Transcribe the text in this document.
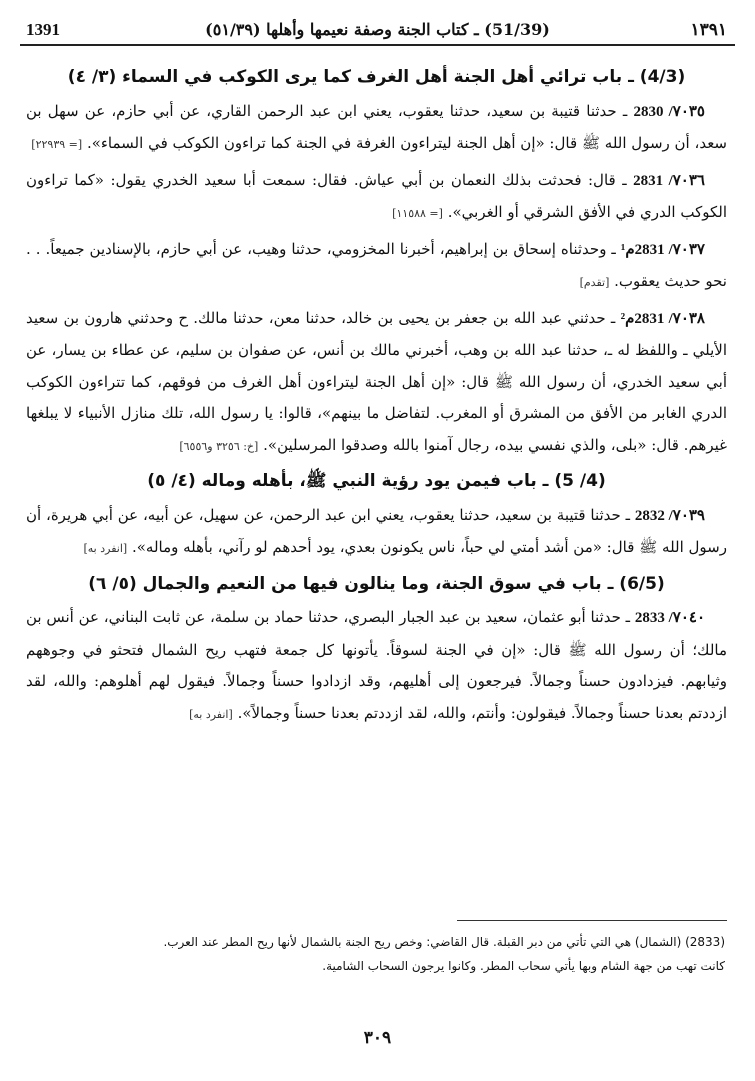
1391	(51/39) ـ كتاب الجنة وصفة نعيمها وأهلها (٥١/٣٩)	١٣٩١
(4/3) ـ باب ترائي أهل الجنة أهل الغرف كما يرى الكوكب في السماء (٣/ ٤)

٧٠٣٥/ 2830 ـ حدثنا قتيبة بن سعيد، حدثنا يعقوب، يعني ابن عبد الرحمن القاري، عن أبي حازم، عن سهل بن سعد، أن رسول الله ﷺ قال: «إن أهل الجنة ليتراءون الغرفة في الجنة كما تراءون الكوكب في السماء». [= ٢٢٩٣٩]

٧٠٣٦/ 2831 ـ قال: فحدثت بذلك النعمان بن أبي عياش. فقال: سمعت أبا سعيد الخدري يقول: «كما تراءون الكوكب الدري في الأفق الشرقي أو الغربي». [= ١١٥٨٨]

٧٠٣٧/ 2831م¹ ـ وحدثناه إسحاق بن إبراهيم، أخبرنا المخزومي، حدثنا وهيب، عن أبي حازم، بالإسنادين جميعاً. . . نحو حديث يعقوب. [تقدم]

٧٠٣٨/ 2831م² ـ حدثني عبد الله بن جعفر بن يحيى بن خالد، حدثنا معن، حدثنا مالك. ح وحدثني هارون بن سعيد الأيلي ـ واللفظ له ـ، حدثنا عبد الله بن وهب، أخبرني مالك بن أنس، عن صفوان بن سليم، عن عطاء بن يسار، عن أبي سعيد الخدري، أن رسول الله ﷺ قال: «إن أهل الجنة ليتراءون أهل الغرف من فوقهم، كما تتراءون الكوكب الدري الغابر من الأفق من المشرق أو المغرب. لتفاضل ما بينهم»، قالوا: يا رسول الله، تلك منازل الأنبياء لا يبلغها غيرهم. قال: «بلى، والذي نفسي بيده، رجال آمنوا بالله وصدقوا المرسلين». [خ: ٣٢٥٦ و٦٥٥٦]

(4/ 5) ـ باب فيمن يود رؤية النبي ﷺ، بأهله وماله (٤/ ٥)

٧٠٣٩/ 2832 ـ حدثنا قتيبة بن سعيد، حدثنا يعقوب، يعني ابن عبد الرحمن، عن سهيل، عن أبيه، عن أبي هريرة، أن رسول الله ﷺ قال: «من أشد أمتي لي حباً، ناس يكونون بعدي، يود أحدهم لو رآني، بأهله وماله». [انفرد به]

(6/5) ـ باب في سوق الجنة، وما ينالون فيها من النعيم والجمال (٥/ ٦)

٧٠٤٠/ 2833 ـ حدثنا أبو عثمان، سعيد بن عبد الجبار البصري، حدثنا حماد بن سلمة، عن ثابت البناني، عن أنس بن مالك؛ أن رسول الله ﷺ قال: «إن في الجنة لسوقاً. يأتونها كل جمعة فتهب ريح الشمال فتحثو في وجوههم وثيابهم. فيزدادون حسناً وجمالاً. فيرجعون إلى أهليهم، وقد ازدادوا حسناً وجمالاً. فيقول لهم أهلوهم: والله، لقد ازددتم بعدنا حسناً وجمالاً. فيقولون: وأنتم، والله، لقد ازددتم بعدنا حسناً وجمالاً». [انفرد به]

(2833) (الشمال) هي التي تأتي من دبر القبلة. قال القاضي: وخص ريح الجنة بالشمال لأنها ريح المطر عند العرب.
كانت تهب من جهة الشام وبها يأتي سحاب المطر. وكانوا يرجون السحاب الشامية.
٣٠٩
